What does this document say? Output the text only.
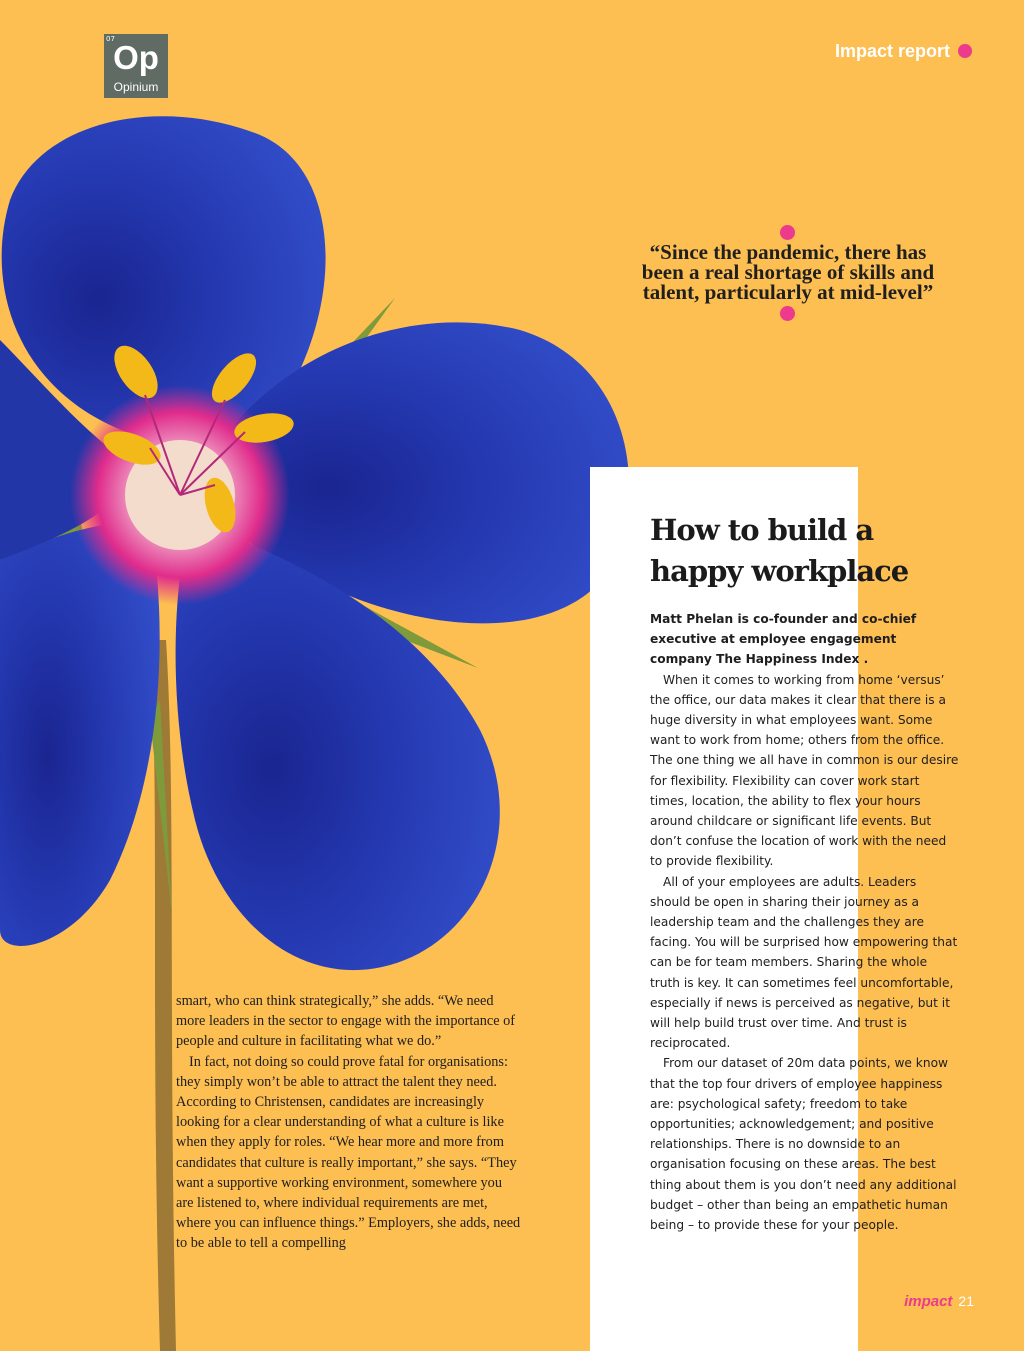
07
Op
Opinium
Impact report
“Since the pandemic, there has been a real shortage of skills and talent, particularly at mid-level”
How to build a
happy workplace

Matt Phelan is co-founder and co-chief executive at employee engagement company The Happiness Index .

When it comes to working from home ‘versus’ the office, our data makes it clear that there is a huge diversity in what employees want. Some want to work from home; others from the office. The one thing we all have in common is our desire for flexibility. Flexibility can cover work start times, location, the ability to flex your hours around childcare or significant life events. But don’t confuse the location of work with the need to provide flexibility.

All of your employees are adults. Leaders should be open in sharing their journey as a leadership team and the challenges they are facing. You will be surprised how empowering that can be for team members. Sharing the whole truth is key. It can sometimes feel uncomfortable, especially if news is perceived as negative, but it will help build trust over time. And trust is reciprocated.

From our dataset of 20m data points, we know that the top four drivers of employee happiness are: psychological safety; freedom to take opportunities; acknowledgement; and positive relationships. There is no downside to an organisation focusing on these areas. The best thing about them is you don’t need any additional budget – other than being an empathetic human being – to provide these for your people.

smart, who can think strategically,” she adds. “We need more leaders in the sector to engage with the importance of people and culture in facilitating what we do.”

In fact, not doing so could prove fatal for organisations: they simply won’t be able to attract the talent they need. According to Christensen, candidates are increasingly looking for a clear understanding of what a culture is like when they apply for roles. “We hear more and more from candidates that culture is really important,” she says. “They want a supportive working environment, somewhere you are listened to, where individual requirements are met, where you can influence things.” Employers, she adds, need to be able to tell a compelling

impact 21
